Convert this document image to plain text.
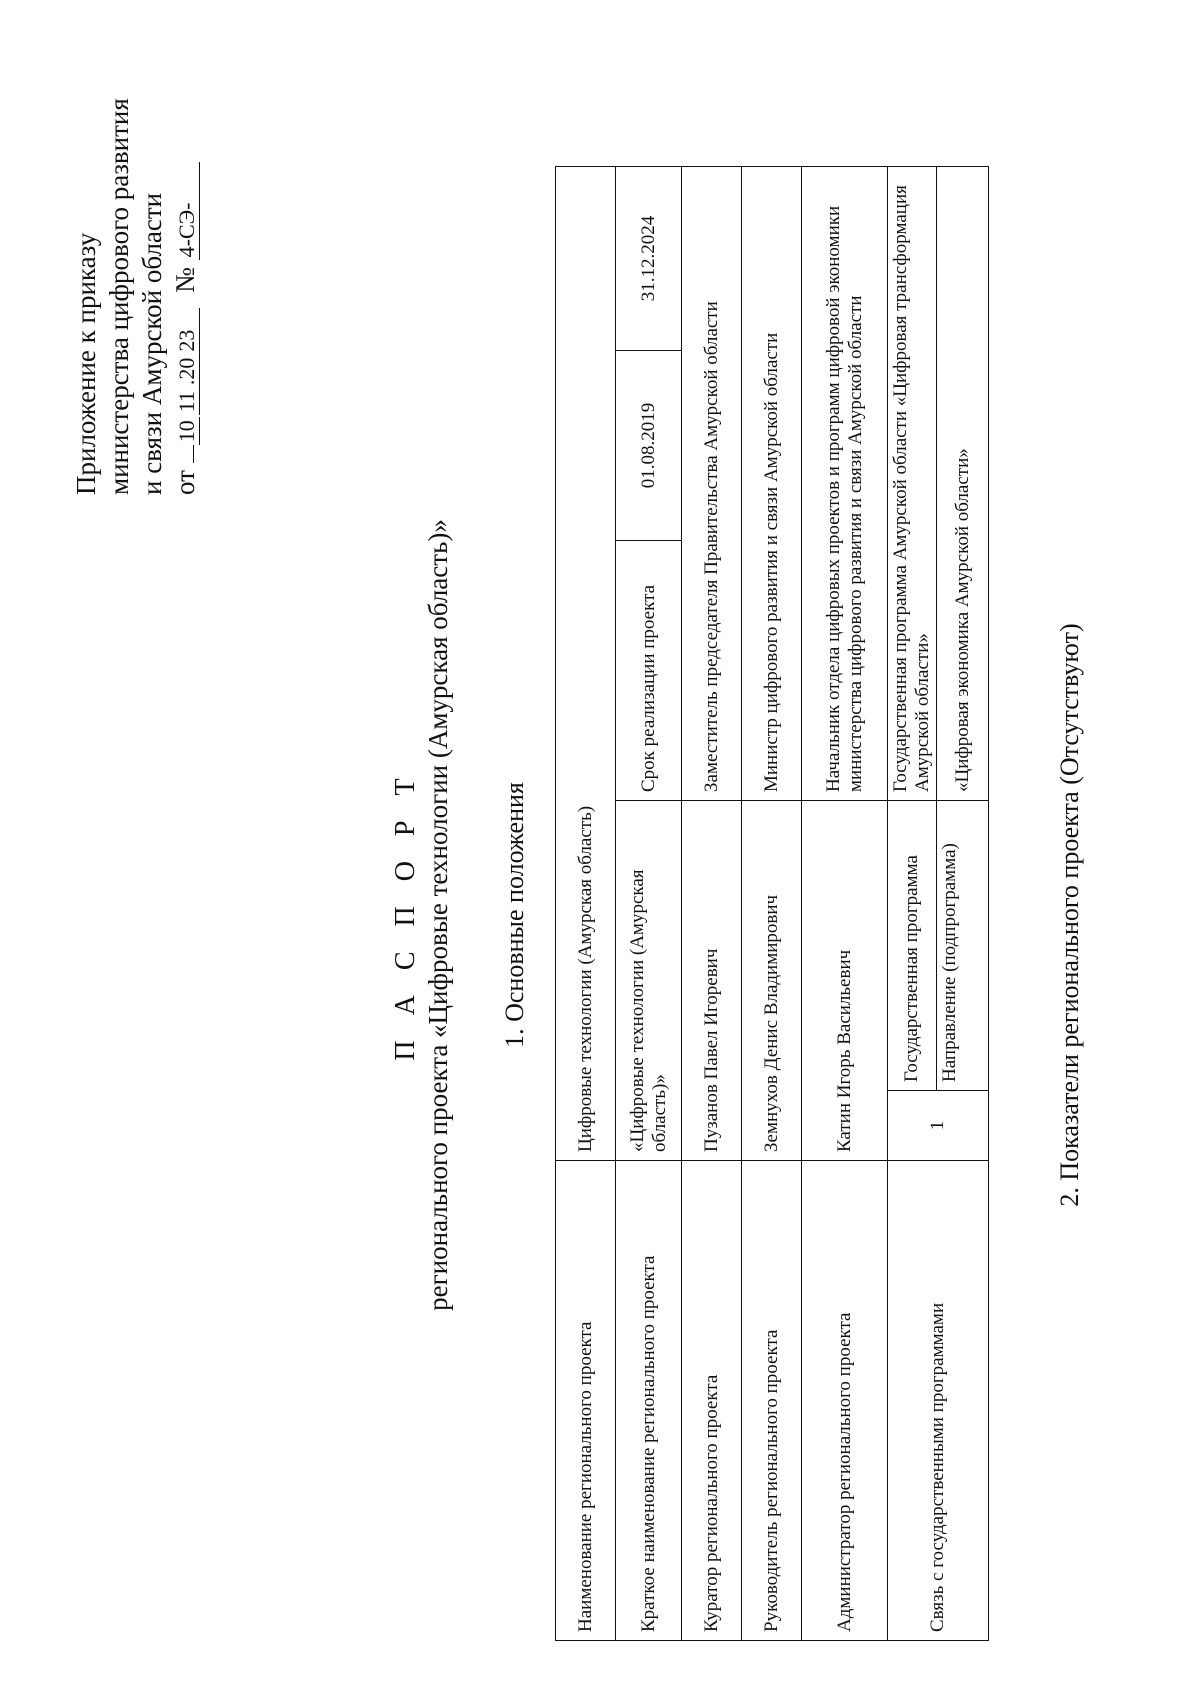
Приложение к приказу министерства цифрового развития и связи Амурской области от 1011.2023 № 4-СЭ-
П А С П О Р Т регионального проекта «Цифровые технологии (Амурская область)» 1. Основные положения
Наименование регионального проекта	Цифровые технологии (Амурская область)				
Краткое наименование регионального проекта	«Цифровые технологии (Амурская область)»		Срок реализации проекта	01.08.2019	31.12.2024
Куратор регионального проекта	Пузанов Павел Игоревич		Заместитель председателя Правительства Амурской области		
Руководитель регионального проекта	Земнухов Денис Владимирович		Министр цифрового развития и связи Амурской области		
Администратор регионального проекта	Катин Игорь Васильевич		Начальник отдела цифровых проектов и программ цифровой экономики министерства цифрового развития и связи Амурской области		
Связь с государственными программами	1	Государственная программа	Государственная программа Амурской области «Цифровая трансформация Амурской области»		
		Направление (подпрограмма)	«Цифровая экономика Амурской области»		
2. Показатели регионального проекта (Отсутствуют)
